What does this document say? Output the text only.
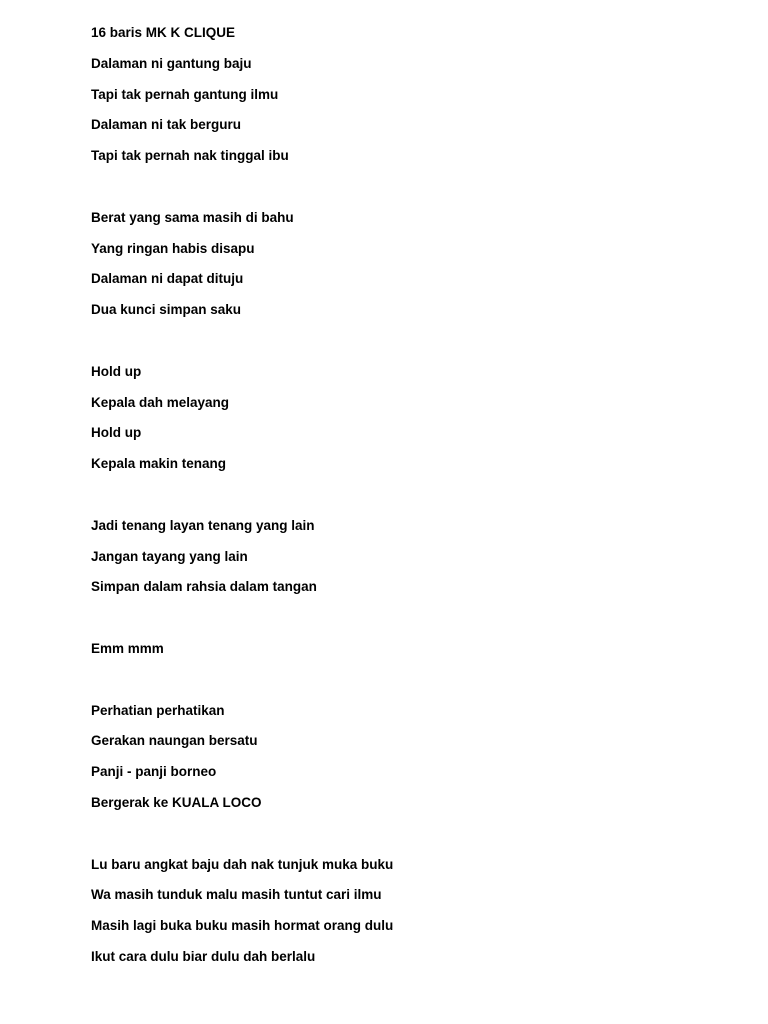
16 baris MK K CLIQUE
Dalaman ni gantung baju
Tapi tak pernah gantung ilmu
Dalaman ni tak berguru
Tapi tak pernah nak tinggal ibu
Berat yang sama masih di bahu
Yang ringan habis disapu
Dalaman ni dapat dituju
Dua kunci simpan saku
Hold up
Kepala dah melayang
Hold up
Kepala makin tenang
Jadi tenang layan tenang yang lain
Jangan tayang yang lain
Simpan dalam rahsia dalam tangan
Emm mmm
Perhatian perhatikan
Gerakan naungan bersatu
Panji - panji borneo
Bergerak ke KUALA LOCO
Lu baru angkat baju dah nak tunjuk muka buku
Wa masih tunduk malu masih tuntut cari ilmu
Masih lagi buka buku masih hormat orang dulu
Ikut cara dulu biar dulu dah berlalu
